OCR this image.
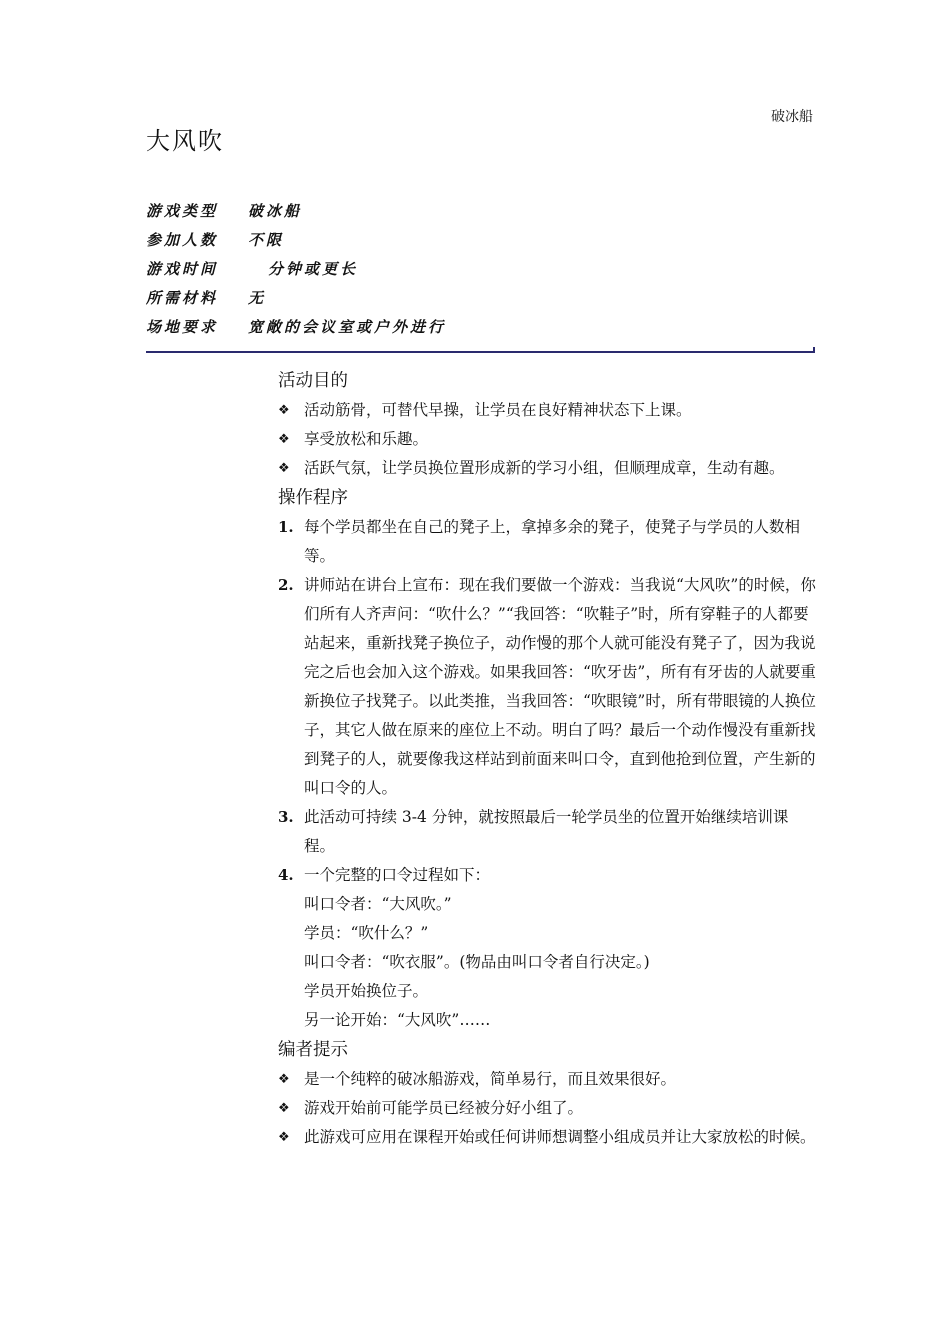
破冰船
大风吹
游戏类型	破冰船
参加人数	不限
游戏时间	分钟或更长
所需材料	无
场地要求	宽敞的会议室或户外进行
活动目的
❖ 活动筋骨，可替代早操，让学员在良好精神状态下上课。
❖ 享受放松和乐趣。
❖ 活跃气氛，让学员换位置形成新的学习小组，但顺理成章，生动有趣。
操作程序
1. 每个学员都坐在自己的凳子上，拿掉多余的凳子，使凳子与学员的人数相等。
2. 讲师站在讲台上宣布：现在我们要做一个游戏：当我说“大风吹”的时候，你们所有人齐声问：“吹什么？”“我回答：“吹鞋子”时，所有穿鞋子的人都要站起来，重新找凳子换位子，动作慢的那个人就可能没有凳子了，因为我说完之后也会加入这个游戏。如果我回答：“吹牙齿”，所有有牙齿的人就要重新换位子找凳子。以此类推，当我回答：“吹眼镜”时，所有带眼镜的人换位子，其它人做在原来的座位上不动。明白了吗？最后一个动作慢没有重新找到凳子的人，就要像我这样站到前面来叫口令，直到他抢到位置，产生新的叫口令的人。
3. 此活动可持续 3-4 分钟，就按照最后一轮学员坐的位置开始继续培训课程。
4. 一个完整的口令过程如下：
叫口令者：“大风吹。”
学员：“吹什么？”
叫口令者：“吹衣服”。(物品由叫口令者自行决定。)
学员开始换位子。
另一论开始：“大风吹”……
编者提示
❖ 是一个纯粹的破冰船游戏，简单易行，而且效果很好。
❖ 游戏开始前可能学员已经被分好小组了。
❖ 此游戏可应用在课程开始或任何讲师想调整小组成员并让大家放松的时候。
